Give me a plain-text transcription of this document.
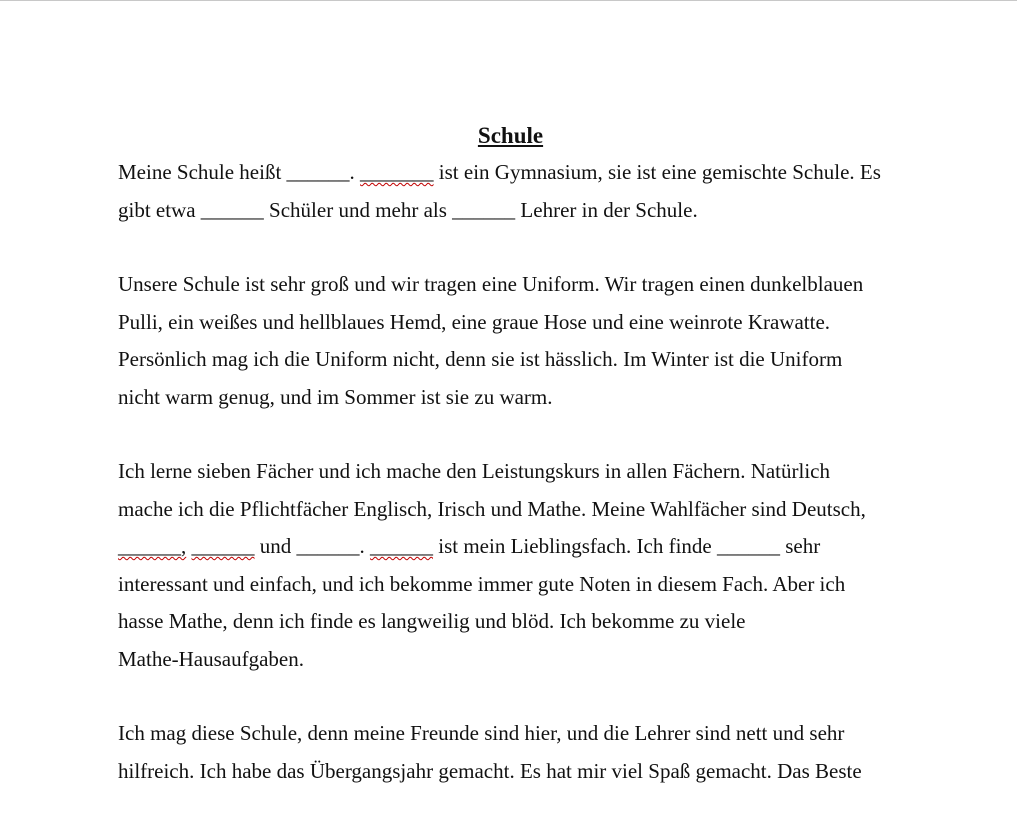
Schule

Meine Schule heißt ______. _______ ist ein Gymnasium, sie ist eine gemischte Schule. Es
gibt etwa ______ Schüler und mehr als ______ Lehrer in der Schule.

Unsere Schule ist sehr groß und wir tragen eine Uniform. Wir tragen einen dunkelblauen
Pulli, ein weißes und hellblaues Hemd, eine graue Hose und eine weinrote Krawatte.
Persönlich mag ich die Uniform nicht, denn sie ist hässlich. Im Winter ist die Uniform
nicht warm genug, und im Sommer ist sie zu warm.

Ich lerne sieben Fächer und ich mache den Leistungskurs in allen Fächern. Natürlich
mache ich die Pflichtfächer Englisch, Irisch und Mathe. Meine Wahlfächer sind Deutsch,
______, ______ und ______. ______ ist mein Lieblingsfach. Ich finde ______ sehr
interessant und einfach, und ich bekomme immer gute Noten in diesem Fach. Aber ich
hasse Mathe, denn ich finde es langweilig und blöd. Ich bekomme zu viele
Mathe-Hausaufgaben.

Ich mag diese Schule, denn meine Freunde sind hier, und die Lehrer sind nett und sehr
hilfreich. Ich habe das Übergangsjahr gemacht. Es hat mir viel Spaß gemacht. Das Beste
